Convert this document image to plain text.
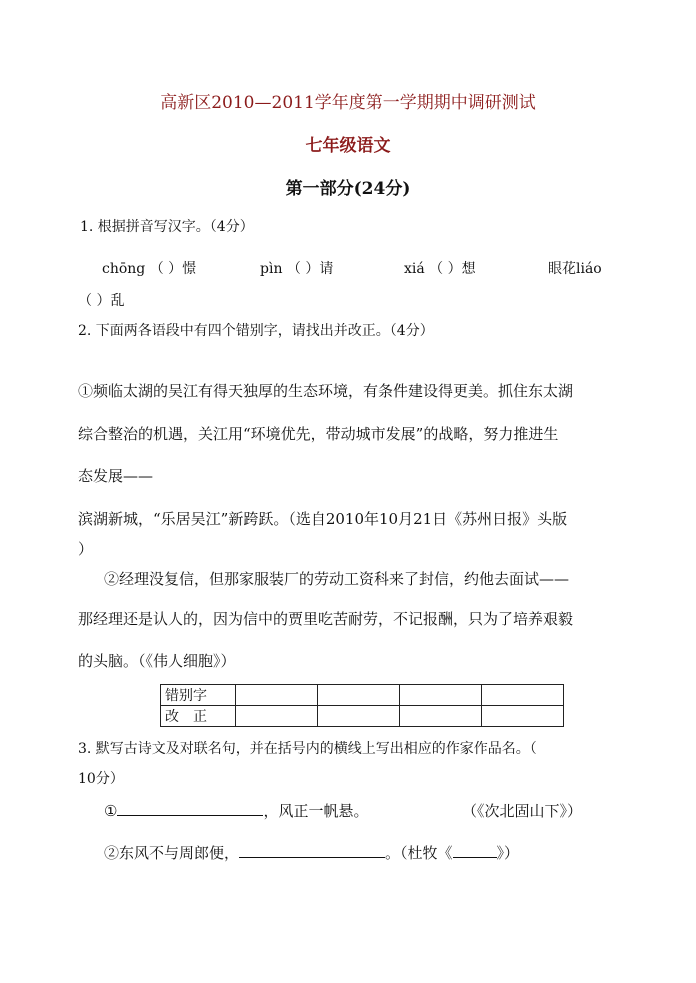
高新区2010—2011学年度第一学期期中调研测试
七年级语文
第一部分(24分)
1. 根据拼音写汉字。（4分）
chōng （ ）憬	pìn （ ）请	xiá （ ）想	眼花liáo
（ ）乱
2. 下面两各语段中有四个错别字，请找出并改正。（4分）
①频临太湖的吴江有得天独厚的生态环境，有条件建设得更美。抓住东太湖
综合整治的机遇，关江用“环境优先，带动城市发展”的战略，努力推进生
态发展——
滨湖新城，“乐居吴江”新跨跃。（选自2010年10月21日《苏州日报》头版
）
②经理没复信，但那家服装厂的劳动工资科来了封信，约他去面试——
那经理还是认人的，因为信中的贾里吃苦耐劳，不记报酬，只为了培养艰毅
的头脑。（《伟人细胞》）
错别字				
改　正				
3. 默写古诗文及对联名句，并在括号内的横线上写出相应的作家作品名。（
10分）
①	，风正一帆悬。	（《次北固山下》）
②东风不与周郎便，	。（杜牧《	》）
